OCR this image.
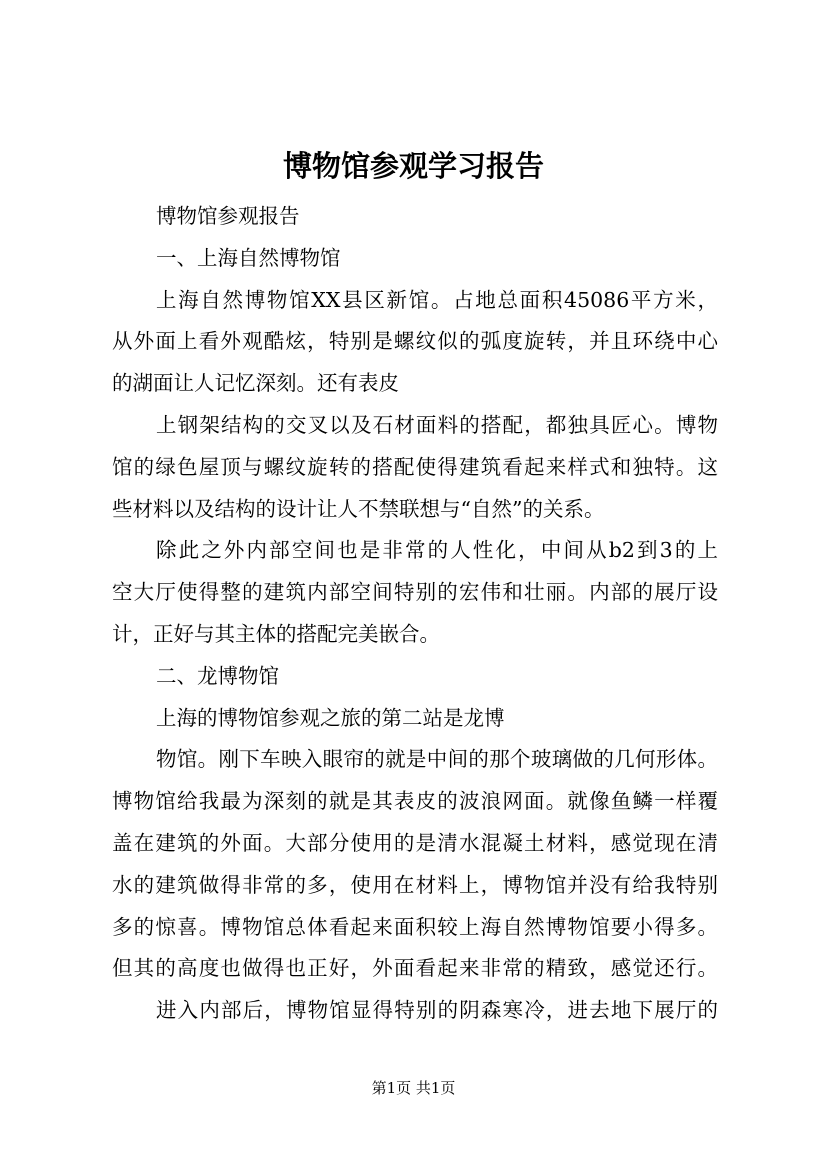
博物馆参观学习报告
博物馆参观报告
一、上海自然博物馆
上海自然博物馆XX县区新馆。占地总面积45086平方米，
从外面上看外观酷炫，特别是螺纹似的弧度旋转，并且环绕中心
的湖面让人记忆深刻。还有表皮
上钢架结构的交叉以及石材面料的搭配，都独具匠心。博物
馆的绿色屋顶与螺纹旋转的搭配使得建筑看起来样式和独特。这
些材料以及结构的设计让人不禁联想与“自然”的关系。
除此之外内部空间也是非常的人性化，中间从b2到3的上
空大厅使得整的建筑内部空间特别的宏伟和壮丽。内部的展厅设
计，正好与其主体的搭配完美嵌合。
二、龙博物馆
上海的博物馆参观之旅的第二站是龙博
物馆。刚下车映入眼帘的就是中间的那个玻璃做的几何形体。
博物馆给我最为深刻的就是其表皮的波浪网面。就像鱼鳞一样覆
盖在建筑的外面。大部分使用的是清水混凝土材料，感觉现在清
水的建筑做得非常的多，使用在材料上，博物馆并没有给我特别
多的惊喜。博物馆总体看起来面积较上海自然博物馆要小得多。
但其的高度也做得也正好，外面看起来非常的精致，感觉还行。
进入内部后，博物馆显得特别的阴森寒冷，进去地下展厅的
第1页 共1页
